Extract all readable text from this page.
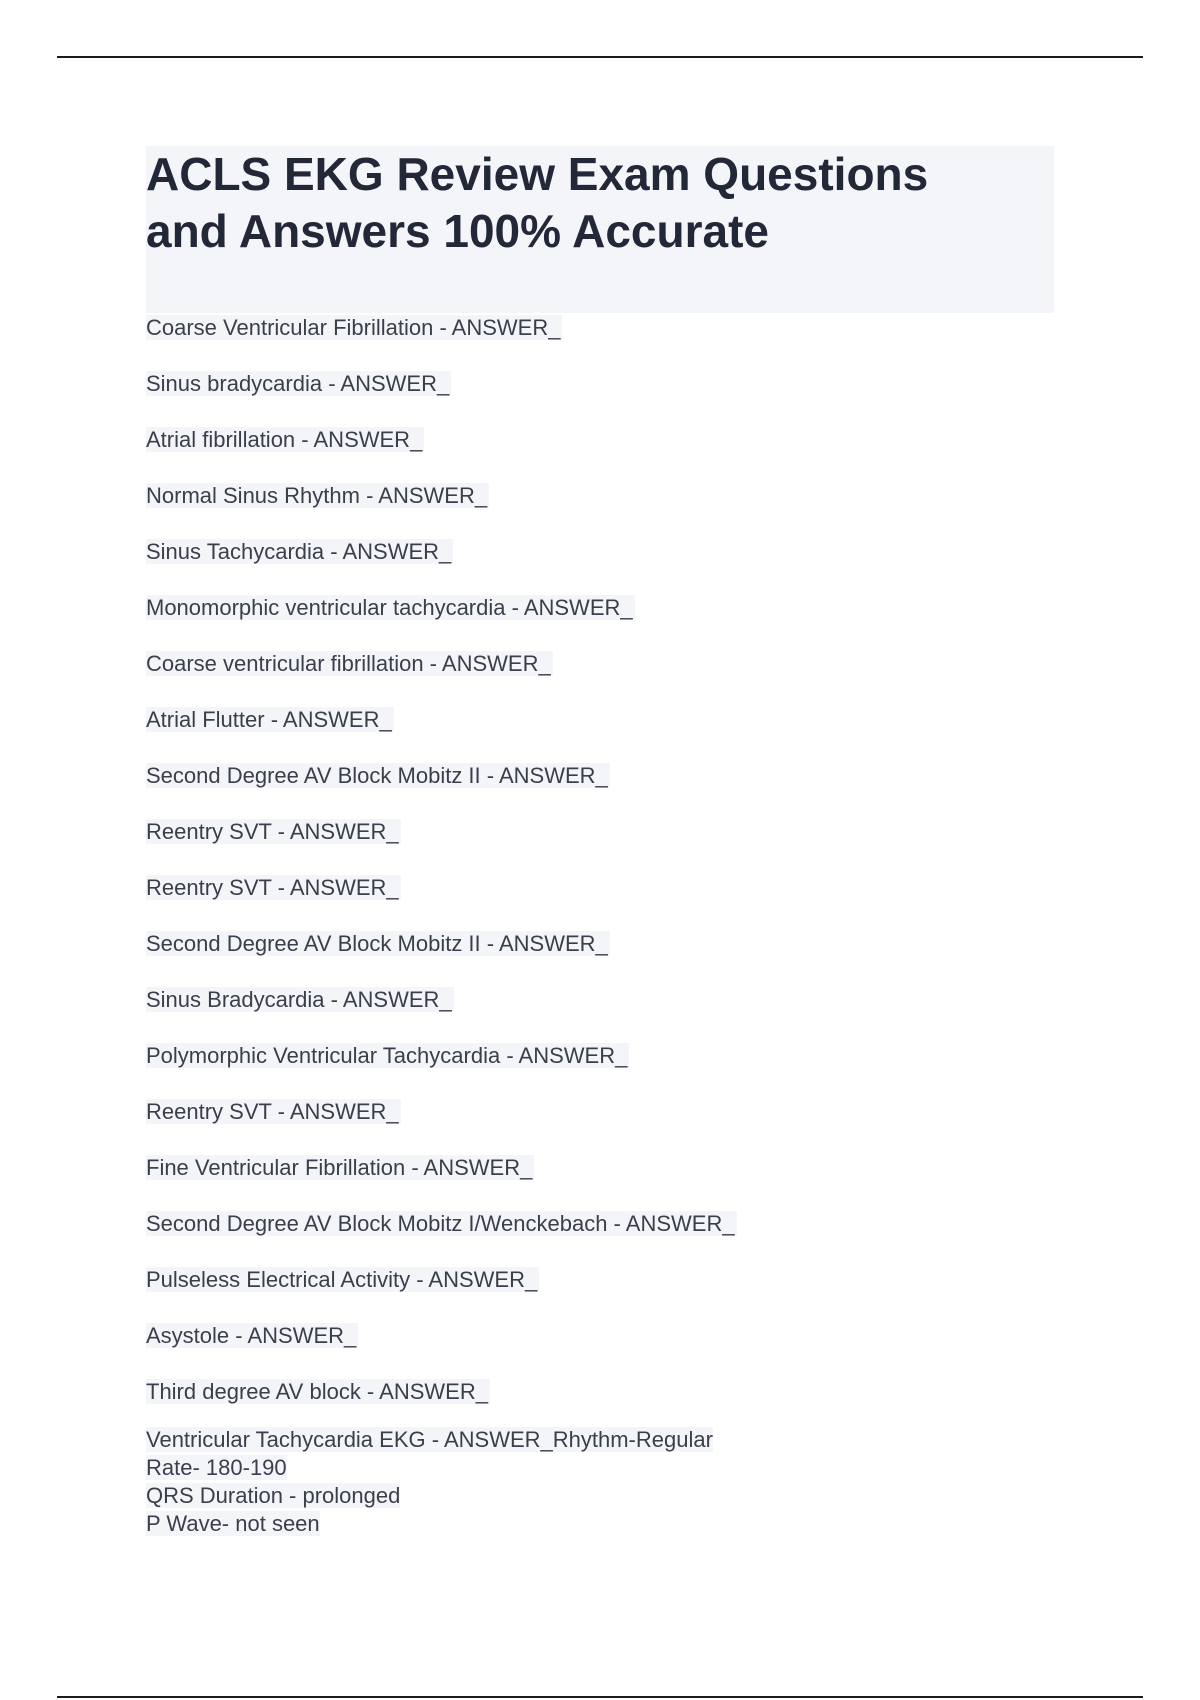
ACLS EKG Review Exam Questions
and Answers 100% Accurate
Coarse Ventricular Fibrillation - ANSWER_
Sinus bradycardia - ANSWER_
Atrial fibrillation - ANSWER_
Normal Sinus Rhythm - ANSWER_
Sinus Tachycardia - ANSWER_
Monomorphic ventricular tachycardia - ANSWER_
Coarse ventricular fibrillation - ANSWER_
Atrial Flutter - ANSWER_
Second Degree AV Block Mobitz II - ANSWER_
Reentry SVT - ANSWER_
Reentry SVT - ANSWER_
Second Degree AV Block Mobitz II - ANSWER_
Sinus Bradycardia - ANSWER_
Polymorphic Ventricular Tachycardia - ANSWER_
Reentry SVT - ANSWER_
Fine Ventricular Fibrillation - ANSWER_
Second Degree AV Block Mobitz I/Wenckebach - ANSWER_
Pulseless Electrical Activity - ANSWER_
Asystole - ANSWER_
Third degree AV block - ANSWER_
Ventricular Tachycardia EKG - ANSWER_Rhythm-Regular
Rate- 180-190
QRS Duration - prolonged
P Wave- not seen
